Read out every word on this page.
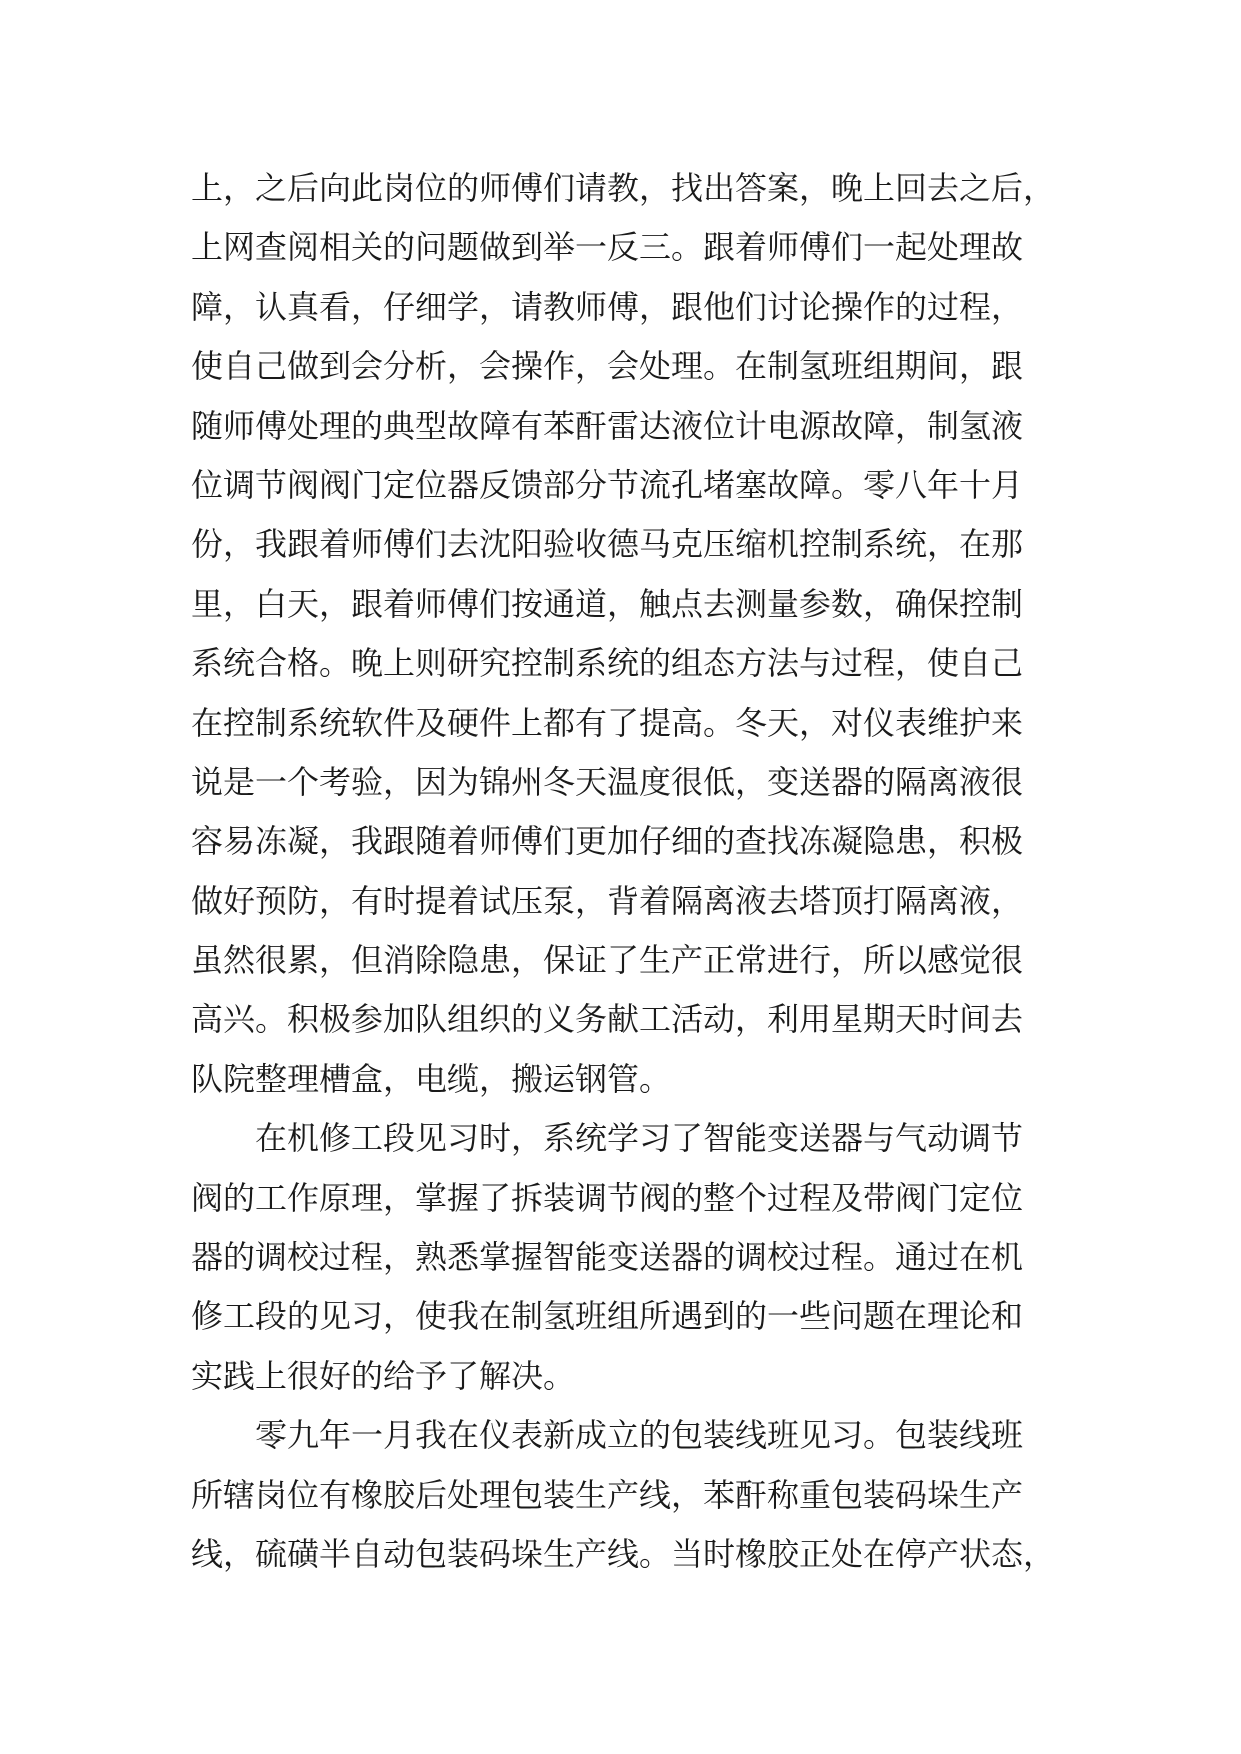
上，之后向此岗位的师傅们请教，找出答案，晚上回去之后，
上网查阅相关的问题做到举一反三。跟着师傅们一起处理故
障，认真看，仔细学，请教师傅，跟他们讨论操作的过程，
使自己做到会分析，会操作，会处理。在制氢班组期间，跟
随师傅处理的典型故障有苯酐雷达液位计电源故障，制氢液
位调节阀阀门定位器反馈部分节流孔堵塞故障。零八年十月
份，我跟着师傅们去沈阳验收德马克压缩机控制系统，在那
里，白天，跟着师傅们按通道，触点去测量参数，确保控制
系统合格。晚上则研究控制系统的组态方法与过程，使自己
在控制系统软件及硬件上都有了提高。冬天，对仪表维护来
说是一个考验，因为锦州冬天温度很低，变送器的隔离液很
容易冻凝，我跟随着师傅们更加仔细的查找冻凝隐患，积极
做好预防，有时提着试压泵，背着隔离液去塔顶打隔离液，
虽然很累，但消除隐患，保证了生产正常进行，所以感觉很
高兴。积极参加队组织的义务献工活动，利用星期天时间去
队院整理槽盒，电缆，搬运钢管。
　　在机修工段见习时，系统学习了智能变送器与气动调节
阀的工作原理，掌握了拆装调节阀的整个过程及带阀门定位
器的调校过程，熟悉掌握智能变送器的调校过程。通过在机
修工段的见习，使我在制氢班组所遇到的一些问题在理论和
实践上很好的给予了解决。
　　零九年一月我在仪表新成立的包装线班见习。包装线班
所辖岗位有橡胶后处理包装生产线，苯酐称重包装码垛生产
线，硫磺半自动包装码垛生产线。当时橡胶正处在停产状态，
